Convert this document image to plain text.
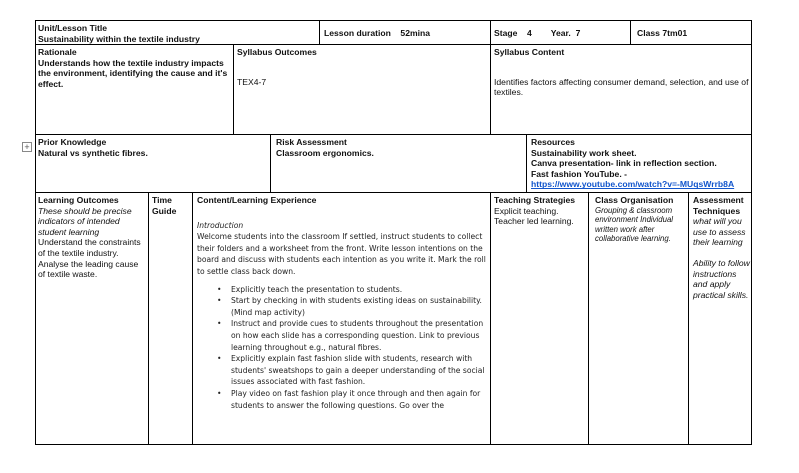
+
Unit/Lesson Title
Sustainability within the textile industry
Lesson duration 52mina	Stage 4 Year. 7	Class 7tm01
Rationale
Understands how the textile industry impacts the environment, identifying the cause and it's effect.
Syllabus Outcomes
TEX4-7
Syllabus Content
Identifies factors affecting consumer demand, selection, and use of textiles.
Prior Knowledge
Natural vs synthetic fibres.
Risk Assessment
Classroom ergonomics.
Resources
Sustainability work sheet.
Canva presentation- link in reflection section.
Fast fashion YouTube. -
https://www.youtube.com/watch?v=-MUqsWrrb8A
Learning Outcomes
These should be precise indicators of intended student learning
Understand the constraints of the textile industry. Analyse the leading cause of textile waste.
Time Guide
Content/Learning Experience
Introduction
Welcome students into the classroom If settled, instruct students to collect their folders and a worksheet from the front. Write lesson intentions on the board and discuss with students each intention as you write it. Mark the roll to settle class back down.
• Explicitly teach the presentation to students.
• Start by checking in with students existing ideas on sustainability. (Mind map activity)
• Instruct and provide cues to students throughout the presentation on how each slide has a corresponding question. Link to previous learning throughout e.g., natural fibres.
• Explicitly explain fast fashion slide with students, research with students' sweatshops to gain a deeper understanding of the social issues associated with fast fashion.
• Play video on fast fashion play it once through and then again for students to answer the following questions. Go over the
Teaching Strategies
Explicit teaching. Teacher led learning.
Class Organisation
Grouping & classroom environment Individual written work after collaborative learning.
Assessment Techniques
what will you use to assess their learning
Ability to follow instructions and apply practical skills.
